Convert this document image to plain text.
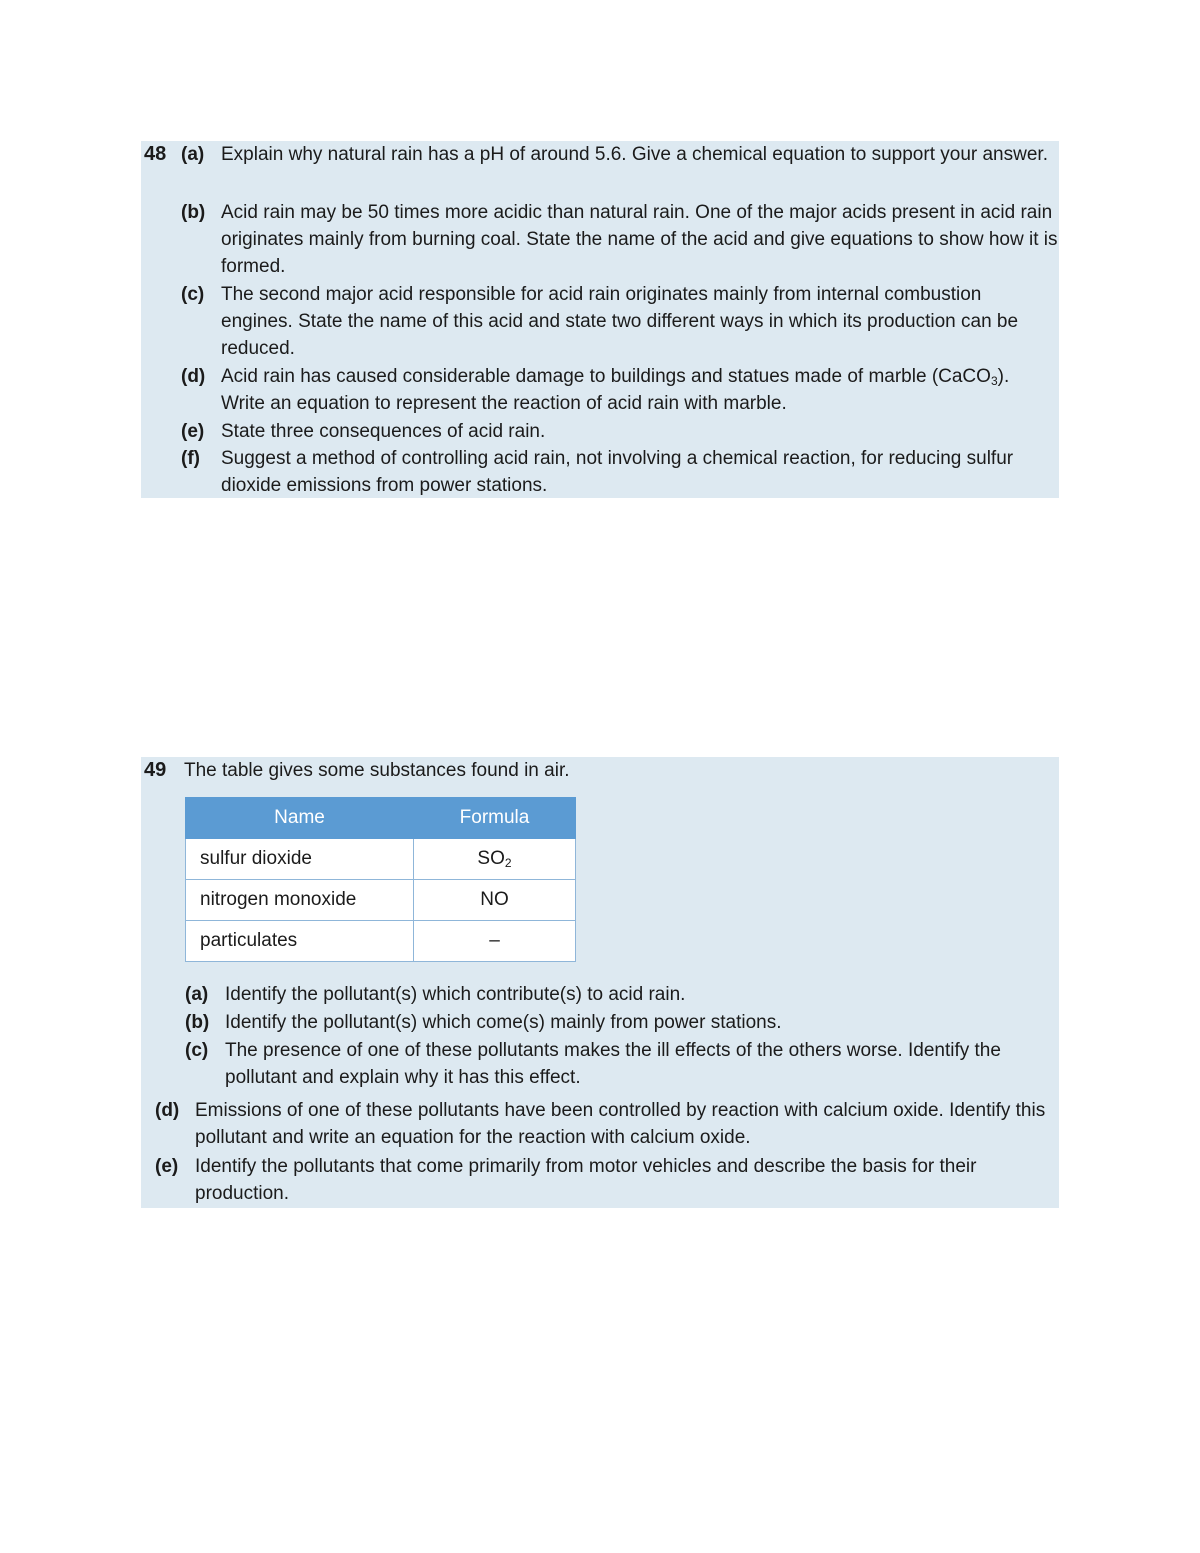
48 (a) Explain why natural rain has a pH of around 5.6. Give a chemical equation to support your answer.
(b) Acid rain may be 50 times more acidic than natural rain. One of the major acids present in acid rain originates mainly from burning coal. State the name of the acid and give equations to show how it is formed.
(c) The second major acid responsible for acid rain originates mainly from internal combustion engines. State the name of this acid and state two different ways in which its production can be reduced.
(d) Acid rain has caused considerable damage to buildings and statues made of marble (CaCO$_3$). Write an equation to represent the reaction of acid rain with marble.
(e) State three consequences of acid rain.
(f)	Suggest a method of controlling acid rain, not involving a chemical reaction, for reducing sulfur dioxide emissions from power stations.
49 The table gives some substances found in air.
Name	Formula
sulfur dioxide	$SO_2$
nitrogen monoxide	NO
particulates	–
(a) Identify the pollutant(s) which contribute(s) to acid rain.
(b) Identify the pollutant(s) which come(s) mainly from power stations.
(c) The presence of one of these pollutants makes the ill effects of the others worse. Identify the pollutant and explain why it has this effect.
(d) Emissions of one of these pollutants have been controlled by reaction with calcium oxide. Identify this pollutant and write an equation for the reaction with calcium oxide.
(e) Identify the pollutants that come primarily from motor vehicles and describe the basis for their production.
